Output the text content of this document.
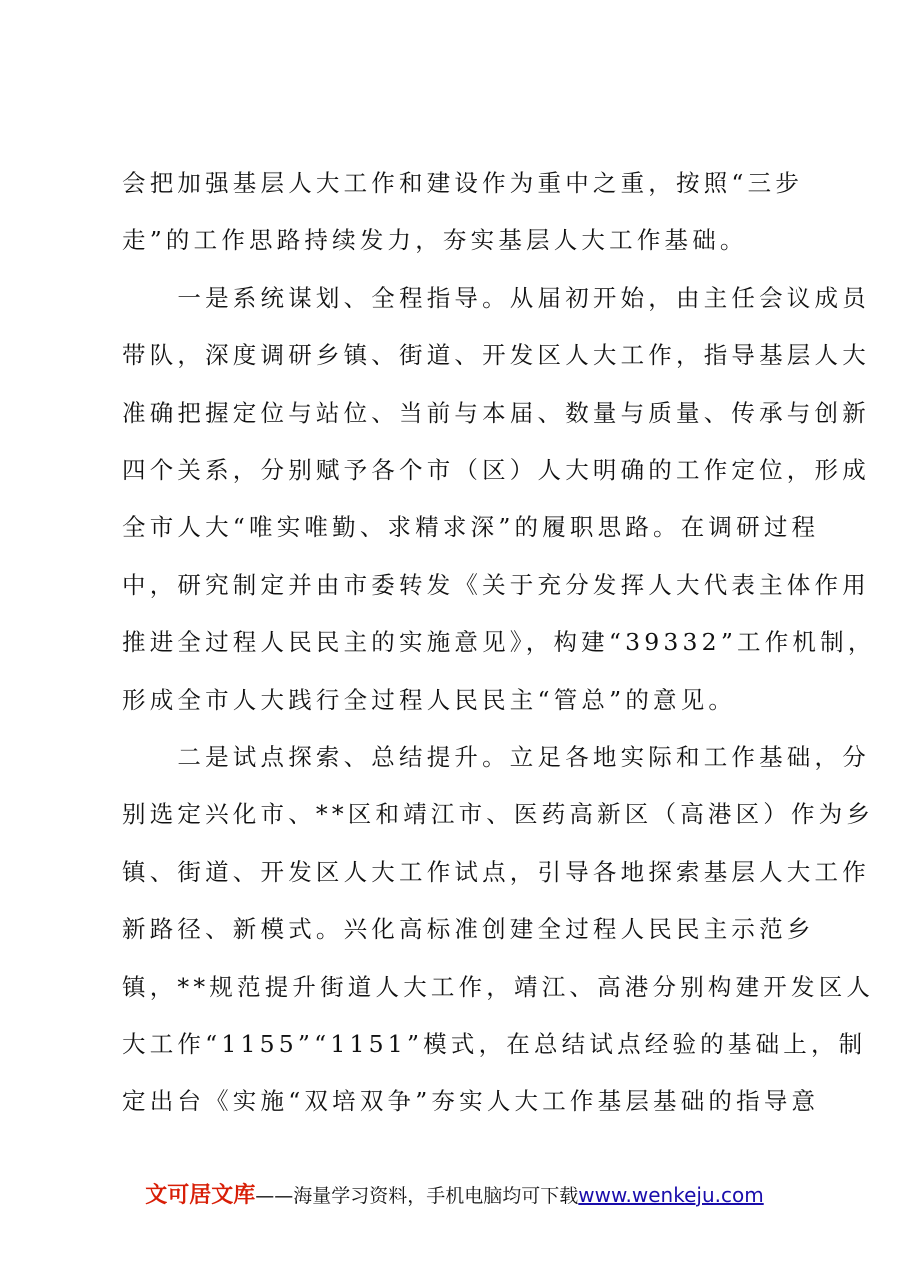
会把加强基层人大工作和建设作为重中之重，按照“三步
走”的工作思路持续发力，夯实基层人大工作基础。
　　一是系统谋划、全程指导。从届初开始，由主任会议成员
带队，深度调研乡镇、街道、开发区人大工作，指导基层人大
准确把握定位与站位、当前与本届、数量与质量、传承与创新
四个关系，分别赋予各个市（区）人大明确的工作定位，形成
全市人大“唯实唯勤、求精求深”的履职思路。在调研过程
中，研究制定并由市委转发《关于充分发挥人大代表主体作用
推进全过程人民民主的实施意见》，构建“39332”工作机制，
形成全市人大践行全过程人民民主“管总”的意见。
　　二是试点探索、总结提升。立足各地实际和工作基础，分
别选定兴化市、**区和靖江市、医药高新区（高港区）作为乡
镇、街道、开发区人大工作试点，引导各地探索基层人大工作
新路径、新模式。兴化高标准创建全过程人民民主示范乡
镇，**规范提升街道人大工作，靖江、高港分别构建开发区人
大工作“1155”“1151”模式，在总结试点经验的基础上，制
定出台《实施“双培双争”夯实人大工作基层基础的指导意
文可居文库——海量学习资料，手机电脑均可下载www.wenkeju.com
